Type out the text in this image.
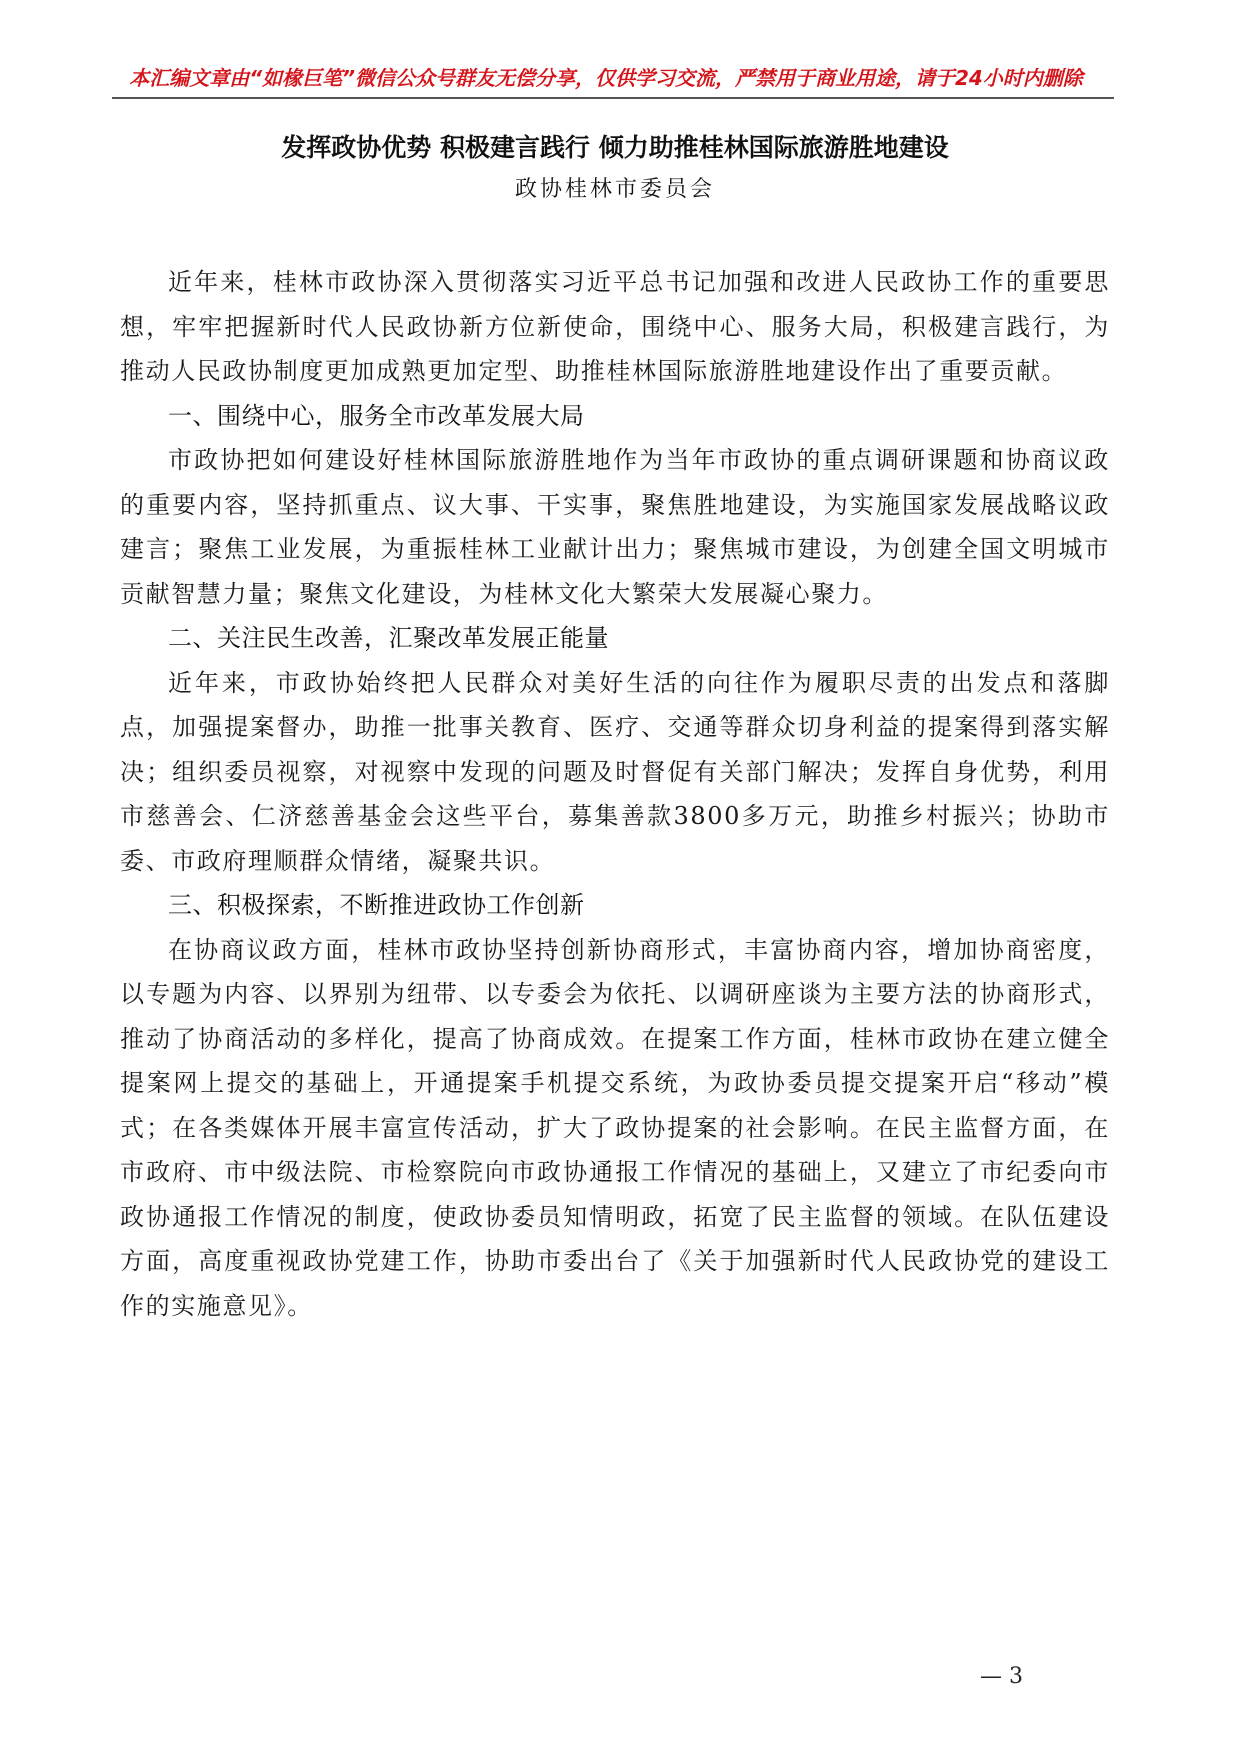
本汇编文章由“如椽巨笔”微信公众号群友无偿分享，仅供学习交流，严禁用于商业用途，请于24小时内删除
发挥政协优势 积极建言践行 倾力助推桂林国际旅游胜地建设
政协桂林市委员会

近年来，桂林市政协深入贯彻落实习近平总书记加强和改进人民政协工作的重要思想，牢牢把握新时代人民政协新方位新使命，围绕中心、服务大局，积极建言践行，为推动人民政协制度更加成熟更加定型、助推桂林国际旅游胜地建设作出了重要贡献。

一、围绕中心，服务全市改革发展大局

市政协把如何建设好桂林国际旅游胜地作为当年市政协的重点调研课题和协商议政的重要内容，坚持抓重点、议大事、干实事，聚焦胜地建设，为实施国家发展战略议政建言；聚焦工业发展，为重振桂林工业献计出力；聚焦城市建设，为创建全国文明城市贡献智慧力量；聚焦文化建设，为桂林文化大繁荣大发展凝心聚力。

二、关注民生改善，汇聚改革发展正能量

近年来，市政协始终把人民群众对美好生活的向往作为履职尽责的出发点和落脚点，加强提案督办，助推一批事关教育、医疗、交通等群众切身利益的提案得到落实解决；组织委员视察，对视察中发现的问题及时督促有关部门解决；发挥自身优势，利用市慈善会、仁济慈善基金会这些平台，募集善款3800多万元，助推乡村振兴；协助市委、市政府理顺群众情绪，凝聚共识。

三、积极探索，不断推进政协工作创新

在协商议政方面，桂林市政协坚持创新协商形式，丰富协商内容，增加协商密度，以专题为内容、以界别为纽带、以专委会为依托、以调研座谈为主要方法的协商形式，推动了协商活动的多样化，提高了协商成效。在提案工作方面，桂林市政协在建立健全提案网上提交的基础上，开通提案手机提交系统，为政协委员提交提案开启“移动”模式；在各类媒体开展丰富宣传活动，扩大了政协提案的社会影响。在民主监督方面，在市政府、市中级法院、市检察院向市政协通报工作情况的基础上，又建立了市纪委向市政协通报工作情况的制度，使政协委员知情明政，拓宽了民主监督的领域。在队伍建设方面，高度重视政协党建工作，协助市委出台了《关于加强新时代人民政协党的建设工作的实施意见》。

— 3
